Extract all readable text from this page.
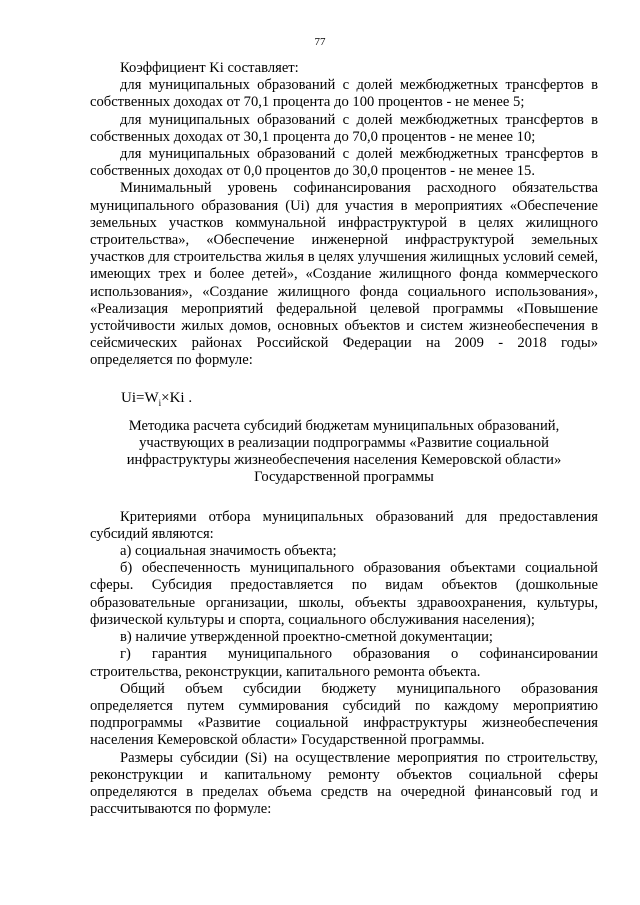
77

Коэффициент Ki составляет:

для муниципальных образований с долей межбюджетных трансфертов в собственных доходах от 70,1 процента до 100 процентов - не менее 5;

для муниципальных образований с долей межбюджетных трансфертов в собственных доходах от 30,1 процента до 70,0 процентов - не менее 10;

для муниципальных образований с долей межбюджетных трансфертов в собственных доходах от 0,0 процентов до 30,0 процентов - не менее 15.

Минимальный уровень софинансирования расходного обязательства муниципального образования (Ui) для участия в мероприятиях «Обеспечение земельных участков коммунальной инфраструктурой в целях жилищного строительства», «Обеспечение инженерной инфраструктурой земельных участков для строительства жилья в целях улучшения жилищных условий семей, имеющих трех и более детей», «Создание жилищного фонда коммерческого использования», «Создание жилищного фонда социального использования», «Реализация мероприятий федеральной целевой программы «Повышение устойчивости жилых домов, основных объектов и систем жизнеобеспечения в сейсмических районах Российской Федерации на 2009 - 2018 годы» определяется по формуле:

$Ui=W_i\times Ki$ .

Методика расчета субсидий бюджетам муниципальных образований, участвующих в реализации подпрограммы «Развитие социальной инфраструктуры жизнеобеспечения населения Кемеровской области» Государственной программы

Критериями отбора муниципальных образований для предоставления субсидий являются:

а) социальная значимость объекта;

б) обеспеченность муниципального образования объектами социальной сферы. Субсидия предоставляется по видам объектов (дошкольные образовательные организации, школы, объекты здравоохранения, культуры, физической культуры и спорта, социального обслуживания населения);

в) наличие утвержденной проектно-сметной документации;

г) гарантия муниципального образования о софинансировании строительства, реконструкции, капитального ремонта объекта.

Общий объем субсидии бюджету муниципального образования определяется путем суммирования субсидий по каждому мероприятию подпрограммы «Развитие социальной инфраструктуры жизнеобеспечения населения Кемеровской области» Государственной программы.

Размеры субсидии (Si) на осуществление мероприятия по строительству, реконструкции и капитальному ремонту объектов социальной сферы определяются в пределах объема средств на очередной финансовый год и рассчитываются по формуле:
